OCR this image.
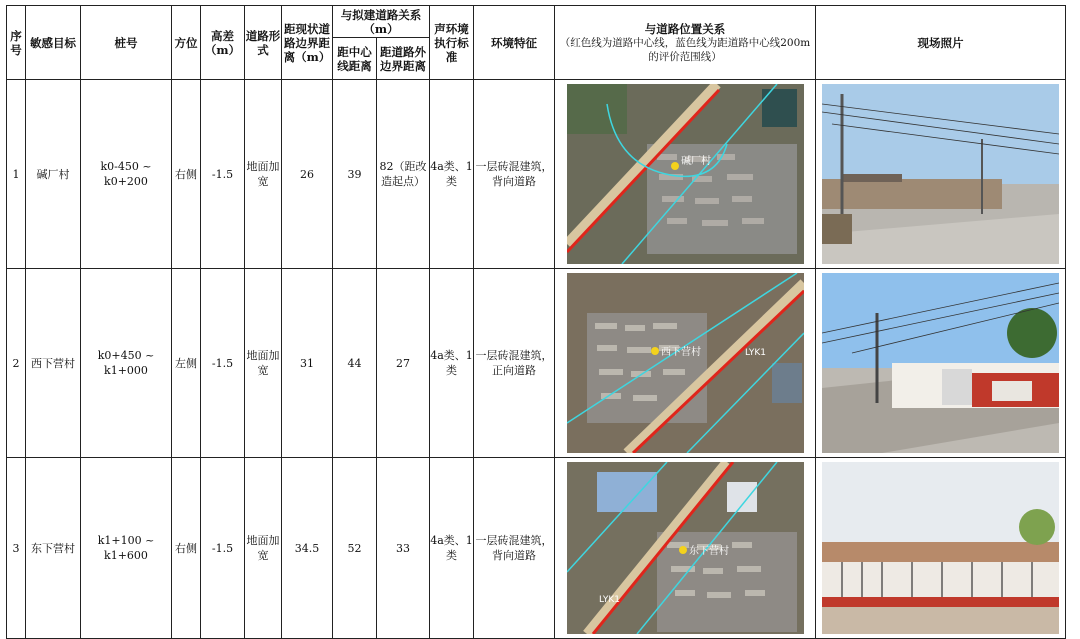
序号	敏感目标	桩号	方位	高差（m）	道路形式	距现状道路边界距离（m）	与拟建道路关系（m）		声环境执行标准	环境特征	与道路位置关系
（红色线为道路中心线，蓝色线为距道路中心线200m 的评价范围线）	现场照片
							距中心线距离	距道路外边界距离				
1	碱厂村	k0-450 ~ k0+200	右侧	-1.5	地面加宽	26	39	82（距改造起点）	4a类、1类	一层砖混建筑，背向道路	碱厂村

2	西下营村	k0+450 ~ k1+000	左侧	-1.5	地面加宽	31	44	27	4a类、1类	一层砖混建筑，正向道路	西下营村 LYK1

3	东下营村	k1+100 ~ k1+600	右侧	-1.5	地面加宽	34.5	52	33	4a类、1类	一层砖混建筑，背向道路	东下营村
LYK1
